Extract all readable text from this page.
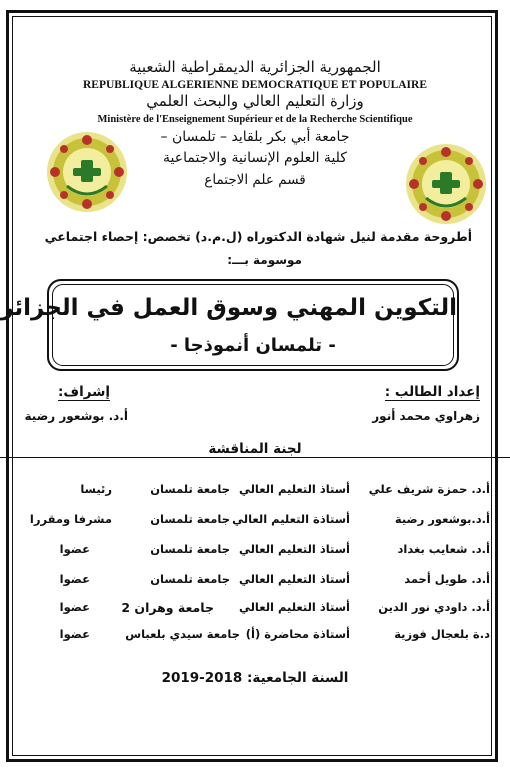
الجمهورية الجزائرية الديمقراطية الشعبية
REPUBLIQUE ALGERIENNE DEMOCRATIQUE ET POPULAIRE
وزارة التعليم العالي والبحث العلمي
Ministère de l'Enseignement Supérieur et de la Recherche Scientifique
جامعة أبي بكر بلقايد – تلمسان –
كلية العلوم الإنسانية والاجتماعية
قسم علم الاجتماع
أطروحة مقدمة لنيل شهادة الدكتوراه (ل.م.د) تخصص: إحصاء اجتماعي
موسومة بـــ:
التكوين المهني وسوق العمل في الجزائر
- تلمسان أنموذجا -
إعداد الطالب :
زهراوي محمد أنور
إشراف:
أ.د. بوشعور رضية
لجنة المناقشة
أ.د. حمزة شريف علي
أستاذ التعليم العالي
جامعة تلمسان
رئيسا
أ.د.بوشعور رضية
أستاذة التعليم العالي
جامعة تلمسان
مشرفا ومقررا
أ.د. شعايب بغداد
أستاذ التعليم العالي
جامعة تلمسان
عضوا
أ.د. طويل أحمد
أستاذ التعليم العالي
جامعة تلمسان
عضوا
أ.د. داودي نور الدين
أستاذ التعليم العالي
جامعة وهران 2
عضوا
د.ة بلعجال فوزية
أستاذة محاضرة (أ)
جامعة سيدي بلعباس
عضوا
السنة الجامعية: 2018-2019
